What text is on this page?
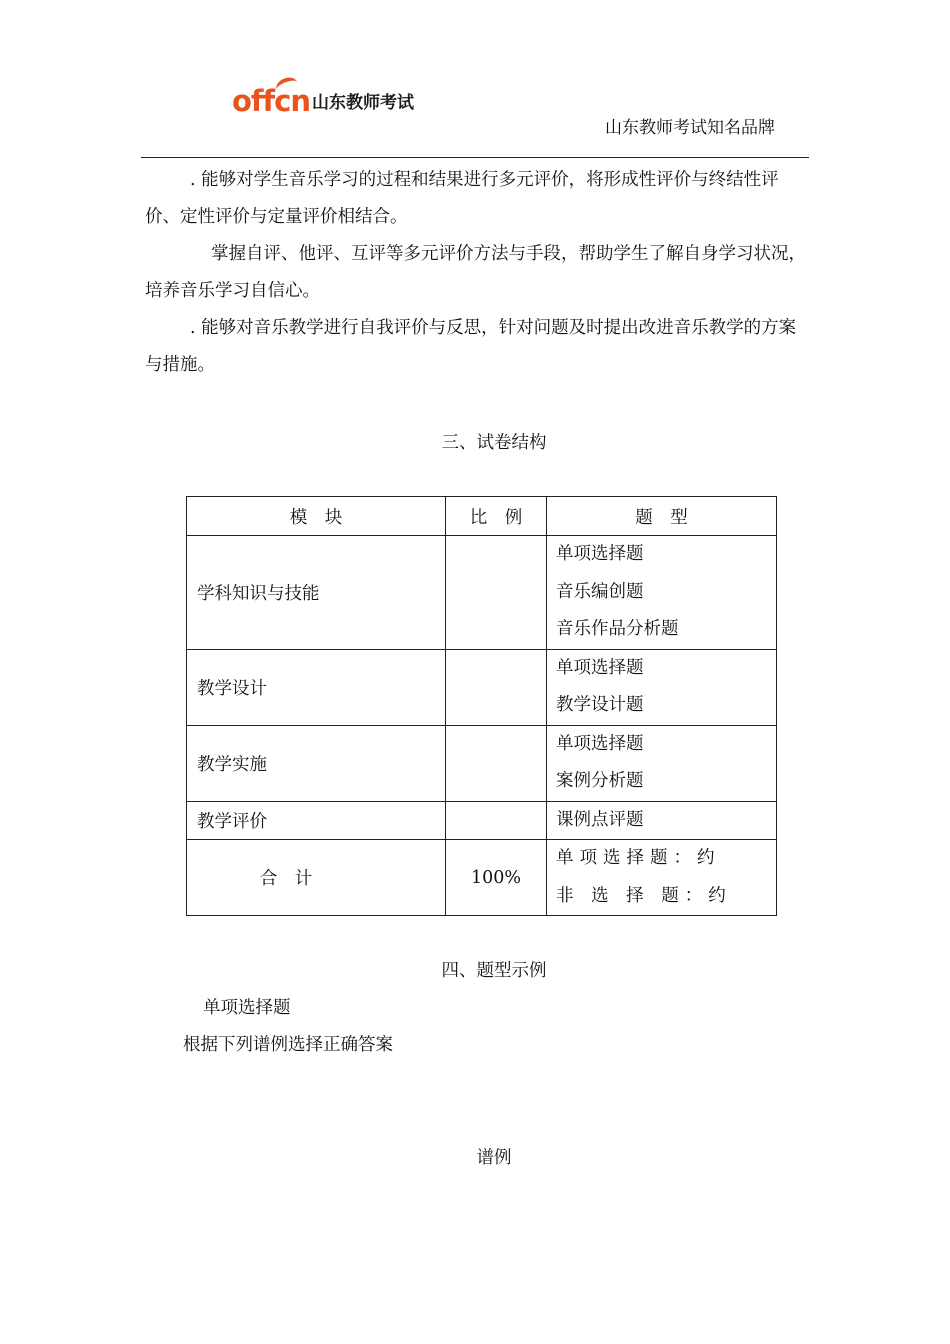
offcn 山东教师考试
山东教师考试知名品牌

. 能够对学生音乐学习的过程和结果进行多元评价，将形成性评价与终结性评价、定性评价与定量评价相结合。

掌握自评、他评、互评等多元评价方法与手段，帮助学生了解自身学习状况，培养音乐学习自信心。

. 能够对音乐教学进行自我评价与反思，针对问题及时提出改进音乐教学的方案与措施。

三、试卷结构
模　块	比　例	题　型
学科知识与技能		单项选择题
音乐编创题
音乐作品分析题

教学设计		单项选择题
教学设计题

教学实施		单项选择题
案例分析题

教学评价		课例点评题

合　计	100%	单项选择题：约
非 选 择 题：约
四、题型示例
单项选择题
根据下列谱例选择正确答案
谱例
